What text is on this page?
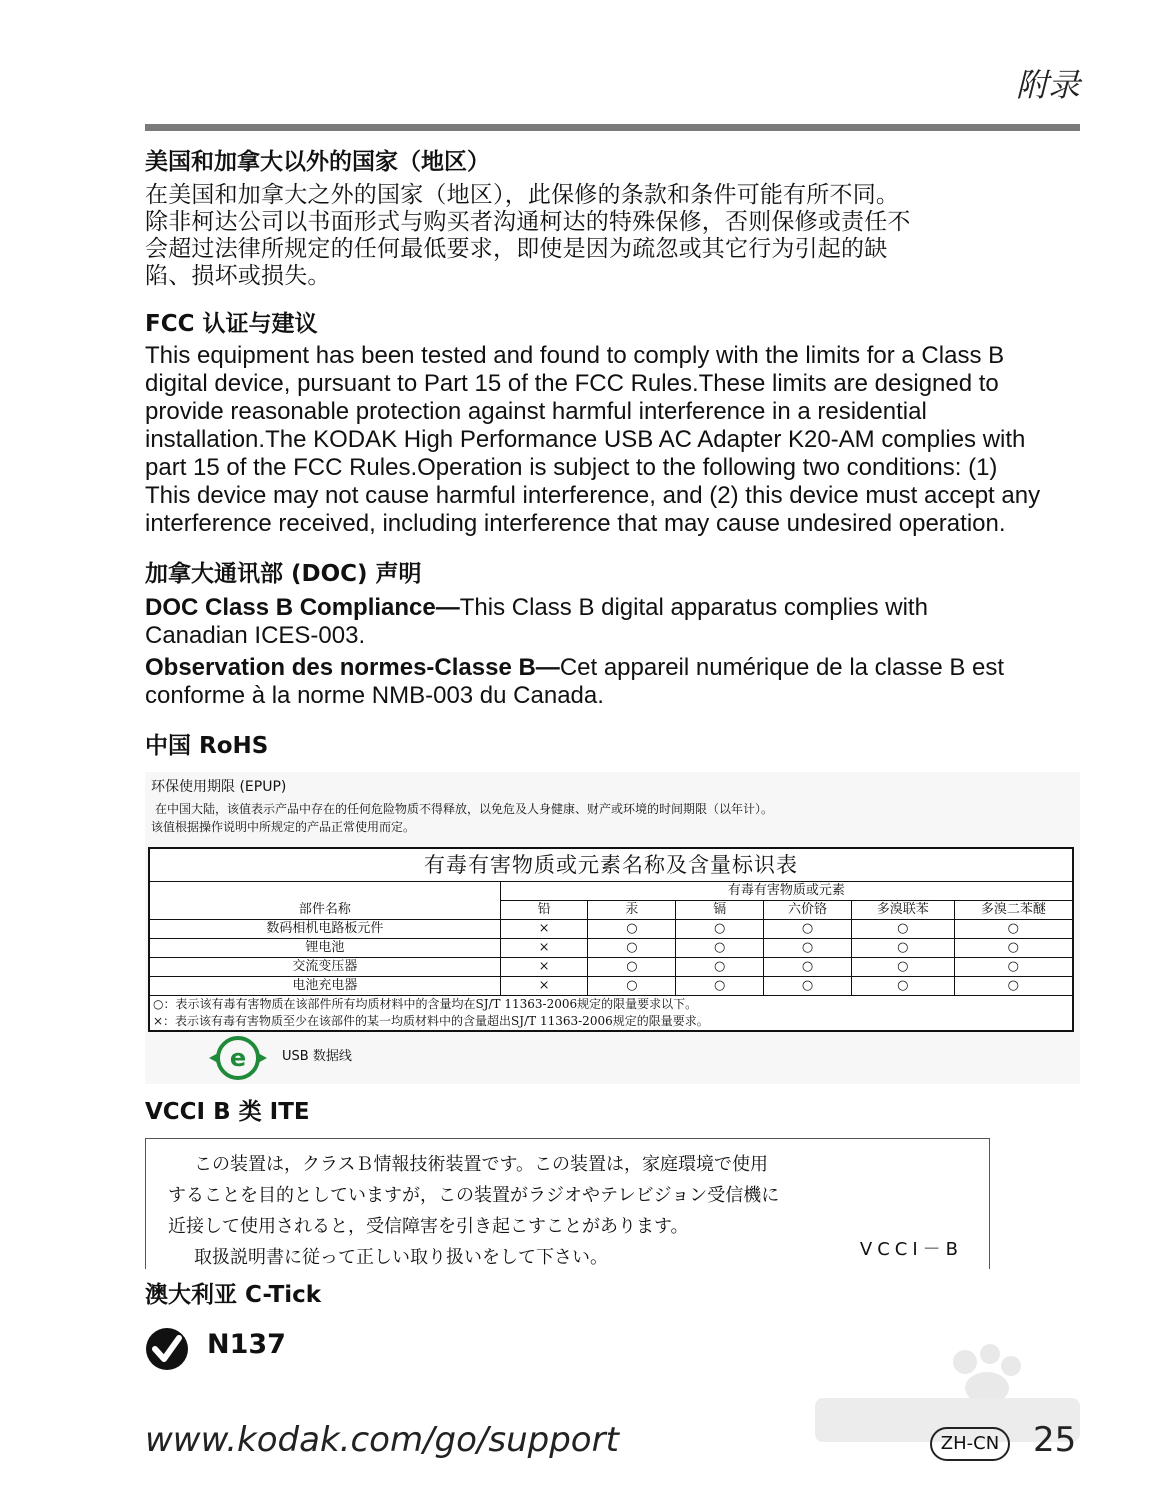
附录
美国和加拿大以外的国家（地区）
在美国和加拿大之外的国家（地区），此保修的条款和条件可能有所不同。
除非柯达公司以书面形式与购买者沟通柯达的特殊保修，否则保修或责任不
会超过法律所规定的任何最低要求，即使是因为疏忽或其它行为引起的缺
陷、损坏或损失。
FCC 认证与建议
This equipment has been tested and found to comply with the limits for a Class B
digital device, pursuant to Part 15 of the FCC Rules.These limits are designed to
provide reasonable protection against harmful interference in a residential
installation.The KODAK High Performance USB AC Adapter K20-AM complies with
part 15 of the FCC Rules.Operation is subject to the following two conditions: (1)
This device may not cause harmful interference, and (2) this device must accept any
interference received, including interference that may cause undesired operation.
加拿大通讯部 (DOC) 声明
DOC Class B Compliance—This Class B digital apparatus complies with
Canadian ICES-003.
Observation des normes-Classe B—Cet appareil numérique de la classe B est
conforme à la norme NMB-003 du Canada.
中国 RoHS
环保使用期限 (EPUP)
在中国大陆，该值表示产品中存在的任何危险物质不得释放，以免危及人身健康、财产或环境的时间期限（以年计）。
该值根据操作说明中所规定的产品正常使用而定。
有毒有害物质或元素名称及含量标识表						
部件名称	有毒有害物质或元素					
	铅	汞	镉	六价铬	多溴联苯	多溴二苯醚
数码相机电路板元件	×	○	○	○	○	○
锂电池	×	○	○	○	○	○
交流变压器	×	○	○	○	○	○
电池充电器	×	○	○	○	○	○

○：表示该有毒有害物质在该部件所有均质材料中的含量均在SJ/T 11363-2006规定的限量要求以下。
×：表示该有毒有害物质至少在该部件的某一均质材料中的含量超出SJ/T 11363-2006规定的限量要求。						
e	USB 数据线
VCCI B 类 ITE
この装置は，クラスＢ情報技術装置です。この装置は，家庭環境で使用
することを目的としていますが，この装置がラジオやテレビジョン受信機に
近接して使用されると，受信障害を引き起こすことがあります。
取扱説明書に従って正しい取り扱いをして下さい。	VCCI－B
澳大利亚 C-Tick
N137
www.kodak.com/go/support	ZH-CN 25
